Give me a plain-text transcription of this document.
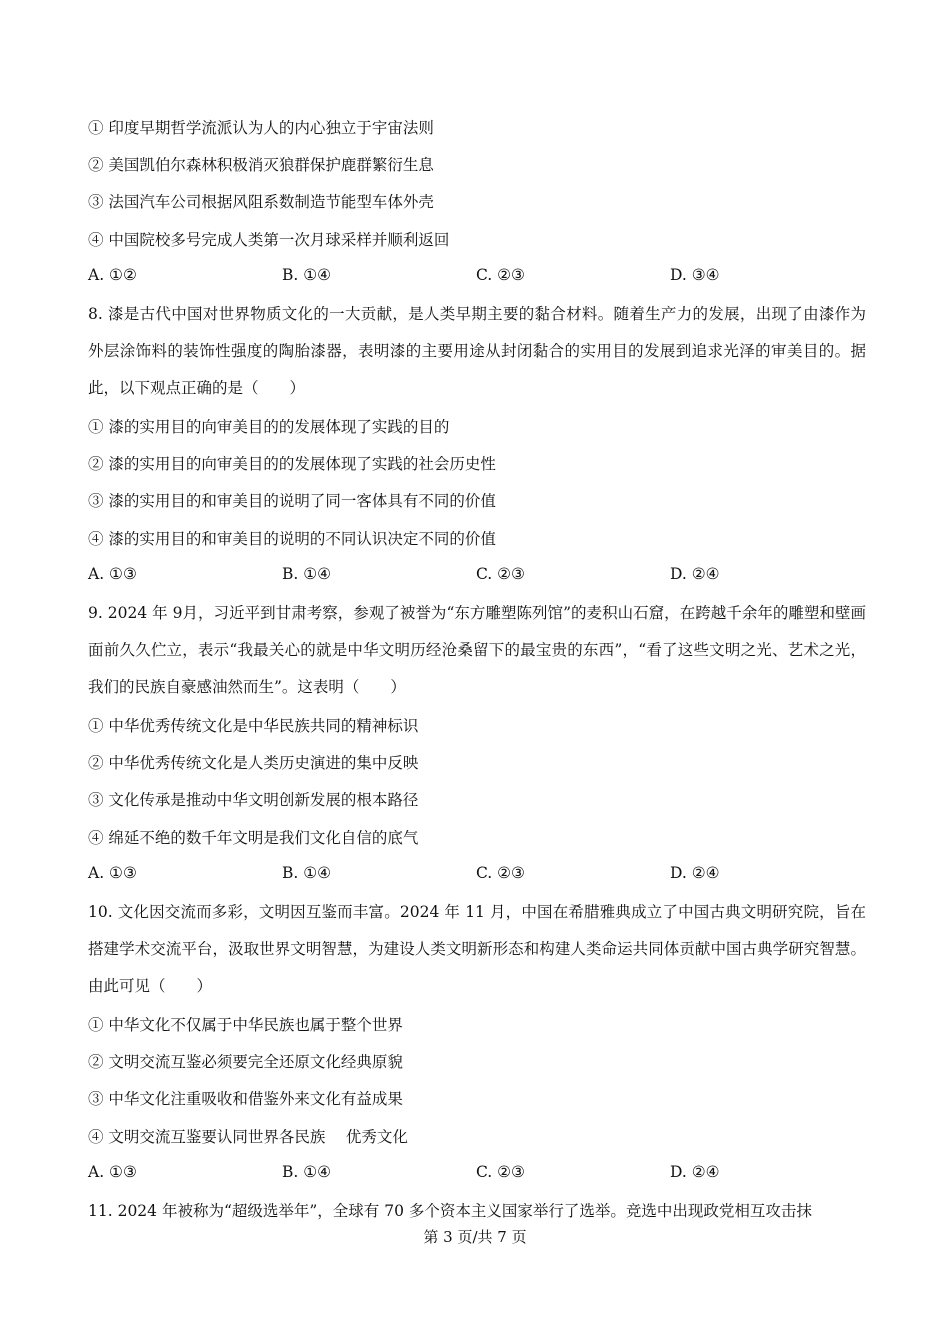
① 印度早期哲学流派认为人的内心独立于宇宙法则
② 美国凯伯尔森林积极消灭狼群保护鹿群繁衍生息
③ 法国汽车公司根据风阻系数制造节能型车体外壳
④ 中国院校多号完成人类第一次月球采样并顺利返回
A. ①②	B. ①④	C. ②③	D. ③④
8. 漆是古代中国对世界物质文化的一大贡献，是人类早期主要的黏合材料。随着生产力的发展，出现了由漆作为外层涂饰料的装饰性强度的陶胎漆器，表明漆的主要用途从封闭黏合的实用目的发展到追求光泽的审美目的。据此，以下观点正确的是（　　）
① 漆的实用目的向审美目的的发展体现了实践的目的
② 漆的实用目的向审美目的的发展体现了实践的社会历史性
③ 漆的实用目的和审美目的说明了同一客体具有不同的价值
④ 漆的实用目的和审美目的说明的不同认识决定不同的价值
A. ①③	B. ①④	C. ②③	D. ②④
9. 2024 年 9月，习近平到甘肃考察，参观了被誉为“东方雕塑陈列馆”的麦积山石窟，在跨越千余年的雕塑和壁画面前久久伫立，表示“我最关心的就是中华文明历经沧桑留下的最宝贵的东西”，“看了这些文明之光、艺术之光，我们的民族自豪感油然而生”。这表明（　　）
① 中华优秀传统文化是中华民族共同的精神标识
② 中华优秀传统文化是人类历史演进的集中反映
③ 文化传承是推动中华文明创新发展的根本路径
④ 绵延不绝的数千年文明是我们文化自信的底气
A. ①③	B. ①④	C. ②③	D. ②④
10. 文化因交流而多彩，文明因互鉴而丰富。2024 年 11 月，中国在希腊雅典成立了中国古典文明研究院，旨在搭建学术交流平台，汲取世界文明智慧，为建设人类文明新形态和构建人类命运共同体贡献中国古典学研究智慧。由此可见（　　）
① 中华文化不仅属于中华民族也属于整个世界
② 文明交流互鉴必须要完全还原文化经典原貌
③ 中华文化注重吸收和借鉴外来文化有益成果
④ 文明交流互鉴要认同世界各民族　 优秀文化
A. ①③	B. ①④	C. ②③	D. ②④
11. 2024 年被称为“超级选举年”，全球有 70 多个资本主义国家举行了选举。竞选中出现政党相互攻击抹
第 3 页/共 7 页
